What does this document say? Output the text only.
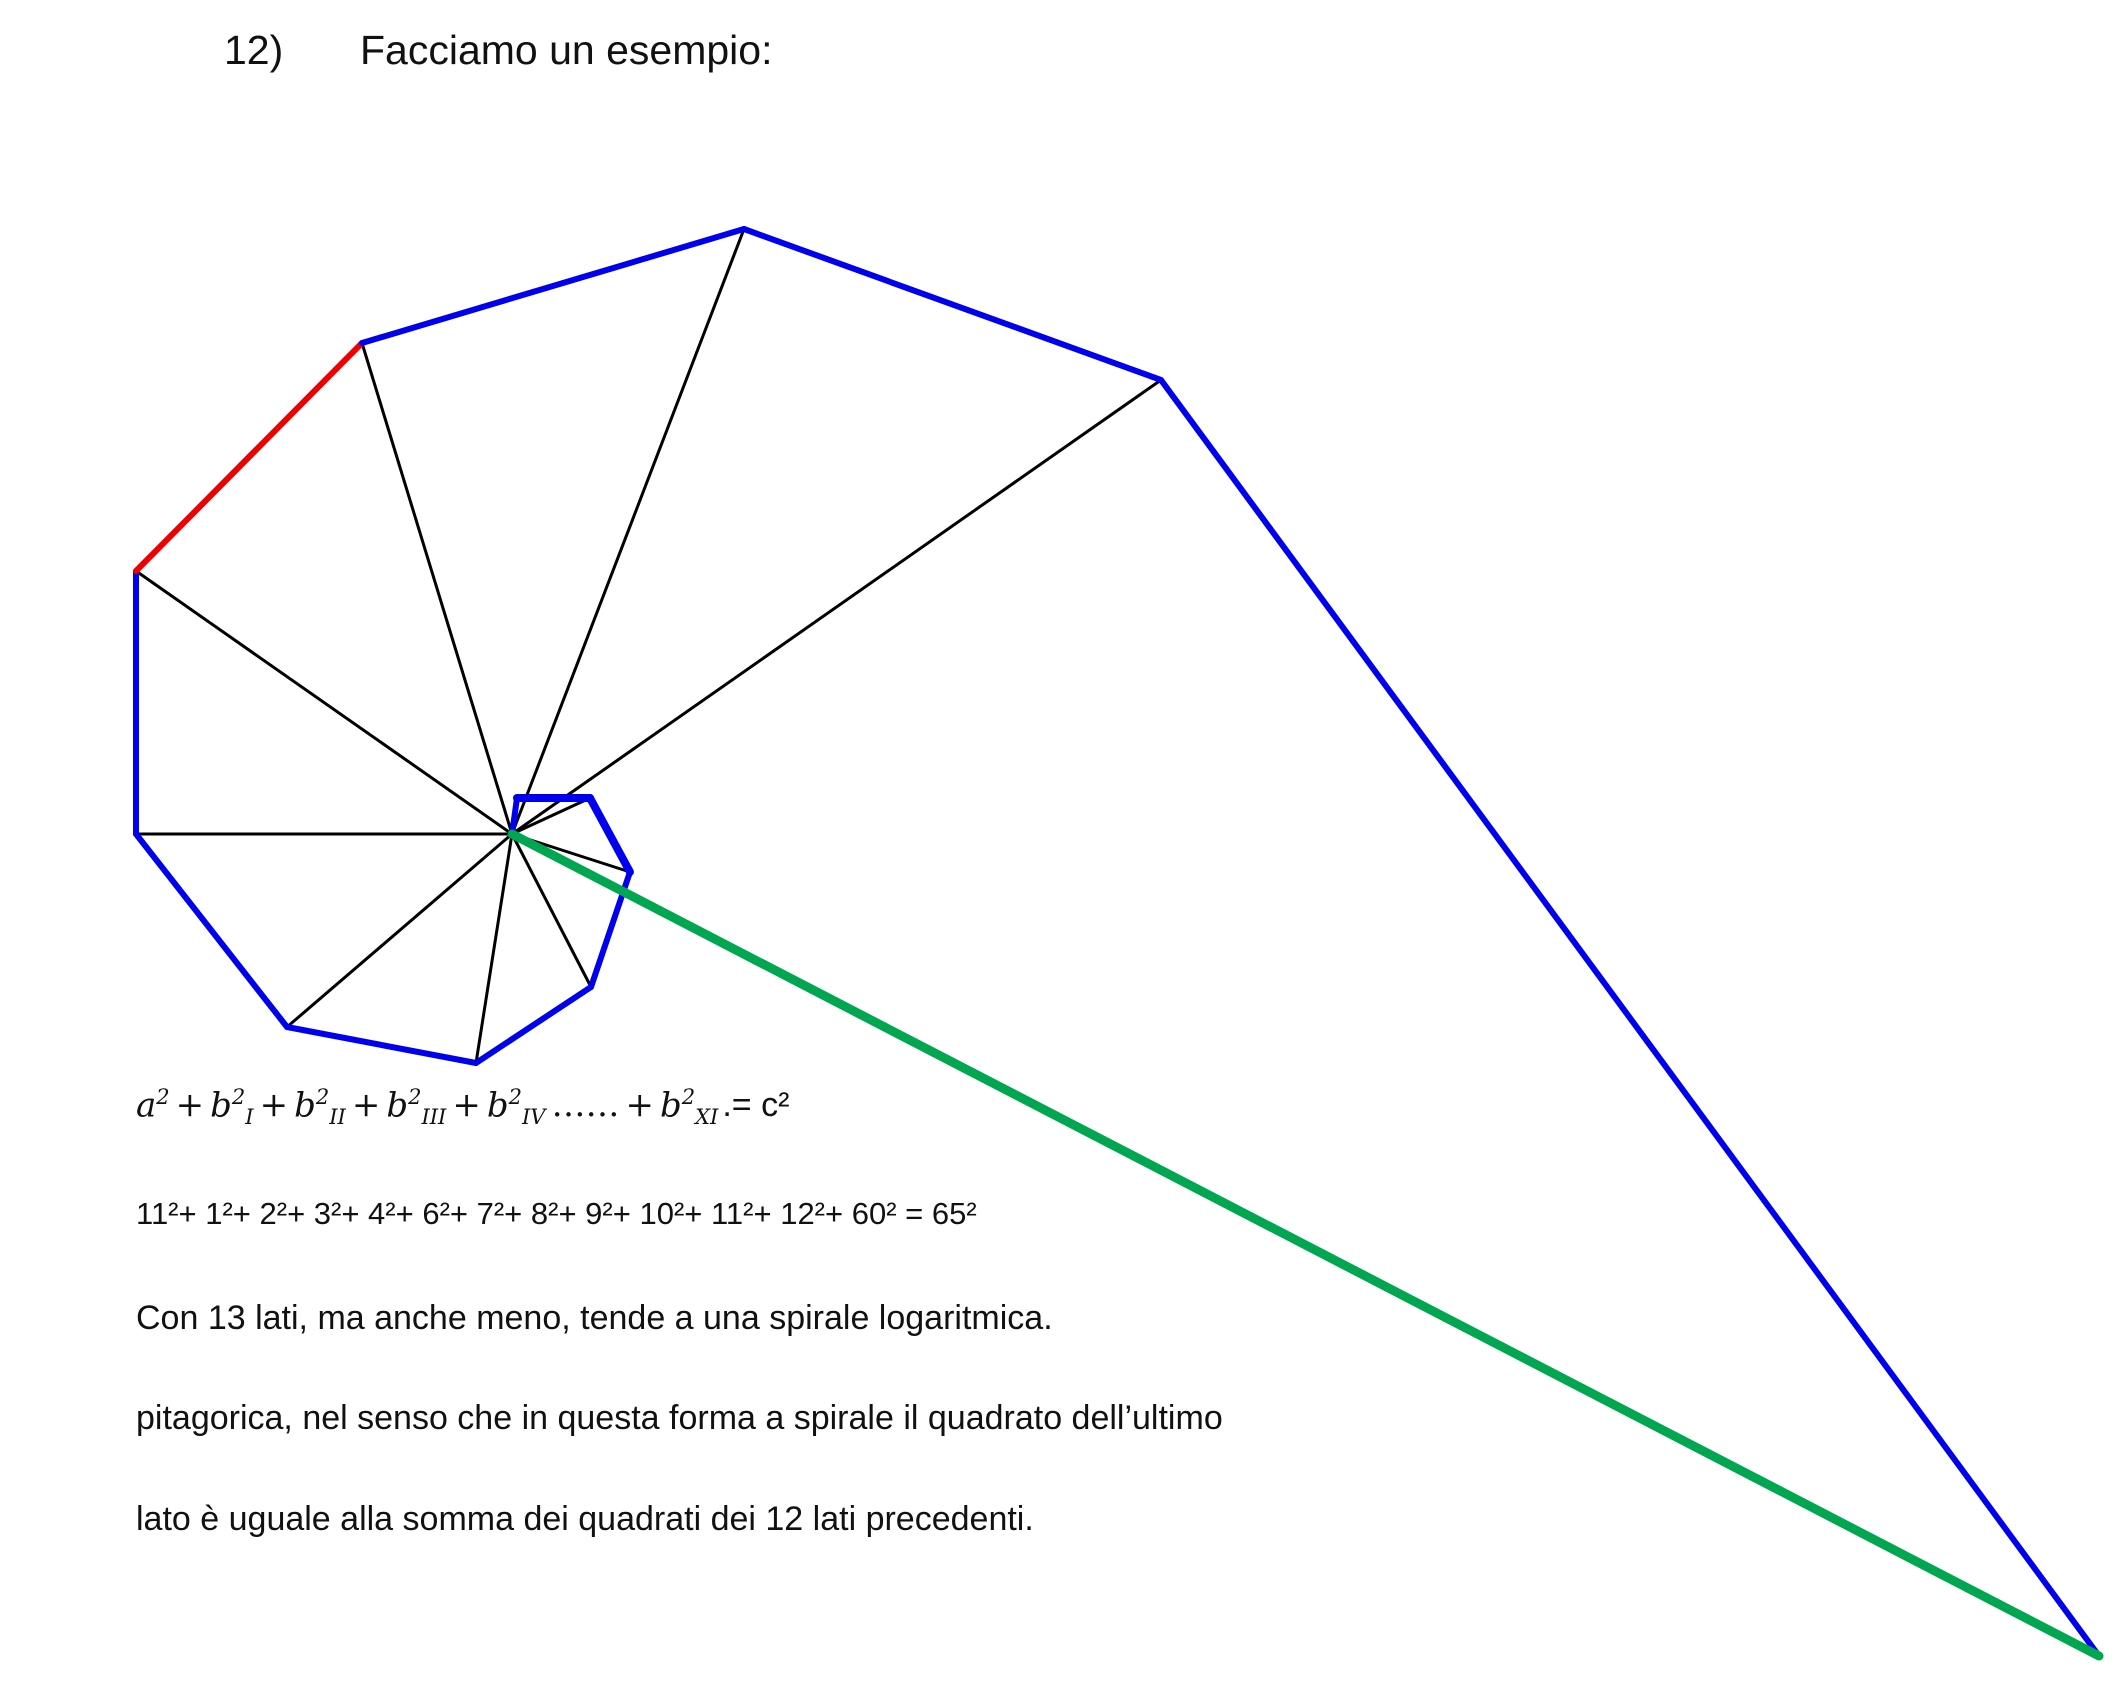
12) Facciamo un esempio:
$a^2 + b^2_I + b^2_{II} + b^2_{III} + b^2_{IV}$ …… + $b^2_{XI}$ .= c²
11²+ 1²+ 2²+ 3²+ 4²+ 6²+ 7²+ 8²+ 9²+ 10²+ 11²+ 12²+ 60² = 65²
Con 13 lati, ma anche meno, tende a una spirale logaritmica.
pitagorica, nel senso che in questa forma a spirale il quadrato dell’ultimo
lato è uguale alla somma dei quadrati dei 12 lati precedenti.
